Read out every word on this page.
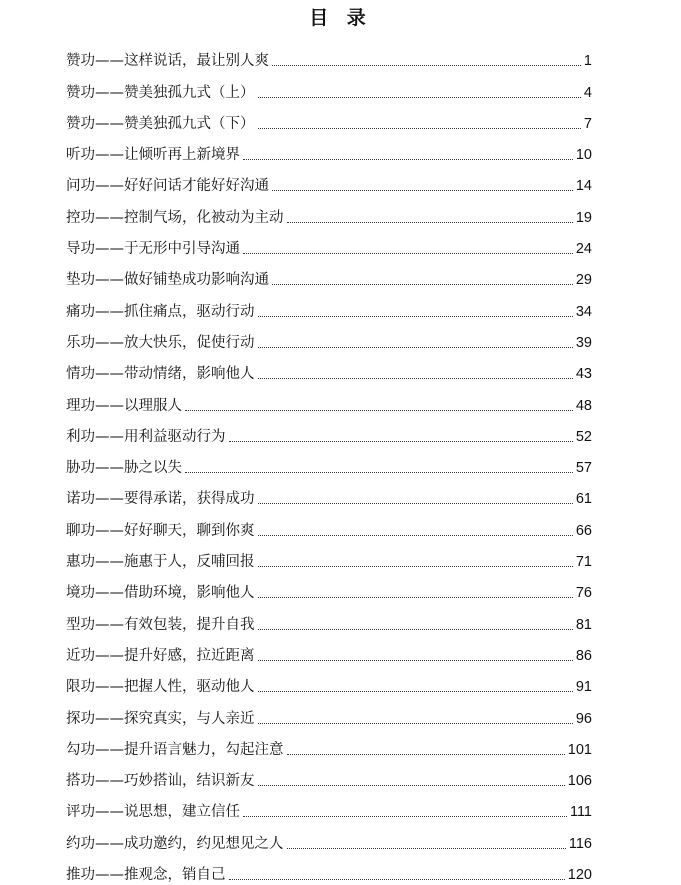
目 录
赞功——这样说话，最让别人爽	1
赞功——赞美独孤九式（上）	4
赞功——赞美独孤九式（下）	7
听功——让倾听再上新境界	10
问功——好好问话才能好好沟通	14
控功——控制气场，化被动为主动	19
导功——于无形中引导沟通	24
垫功——做好铺垫成功影响沟通	29
痛功——抓住痛点，驱动行动	34
乐功——放大快乐，促使行动	39
情功——带动情绪，影响他人	43
理功——以理服人	48
利功——用利益驱动行为	52
胁功——胁之以失	57
诺功——要得承诺，获得成功	61
聊功——好好聊天，聊到你爽	66
惠功——施惠于人，反哺回报	71
境功——借助环境，影响他人	76
型功——有效包装，提升自我	81
近功——提升好感，拉近距离	86
限功——把握人性，驱动他人	91
探功——探究真实，与人亲近	96
勾功——提升语言魅力，勾起注意	101
搭功——巧妙搭讪，结识新友	106
评功——说思想，建立信任	111
约功——成功邀约，约见想见之人	116
推功——推观念，销自己	120
